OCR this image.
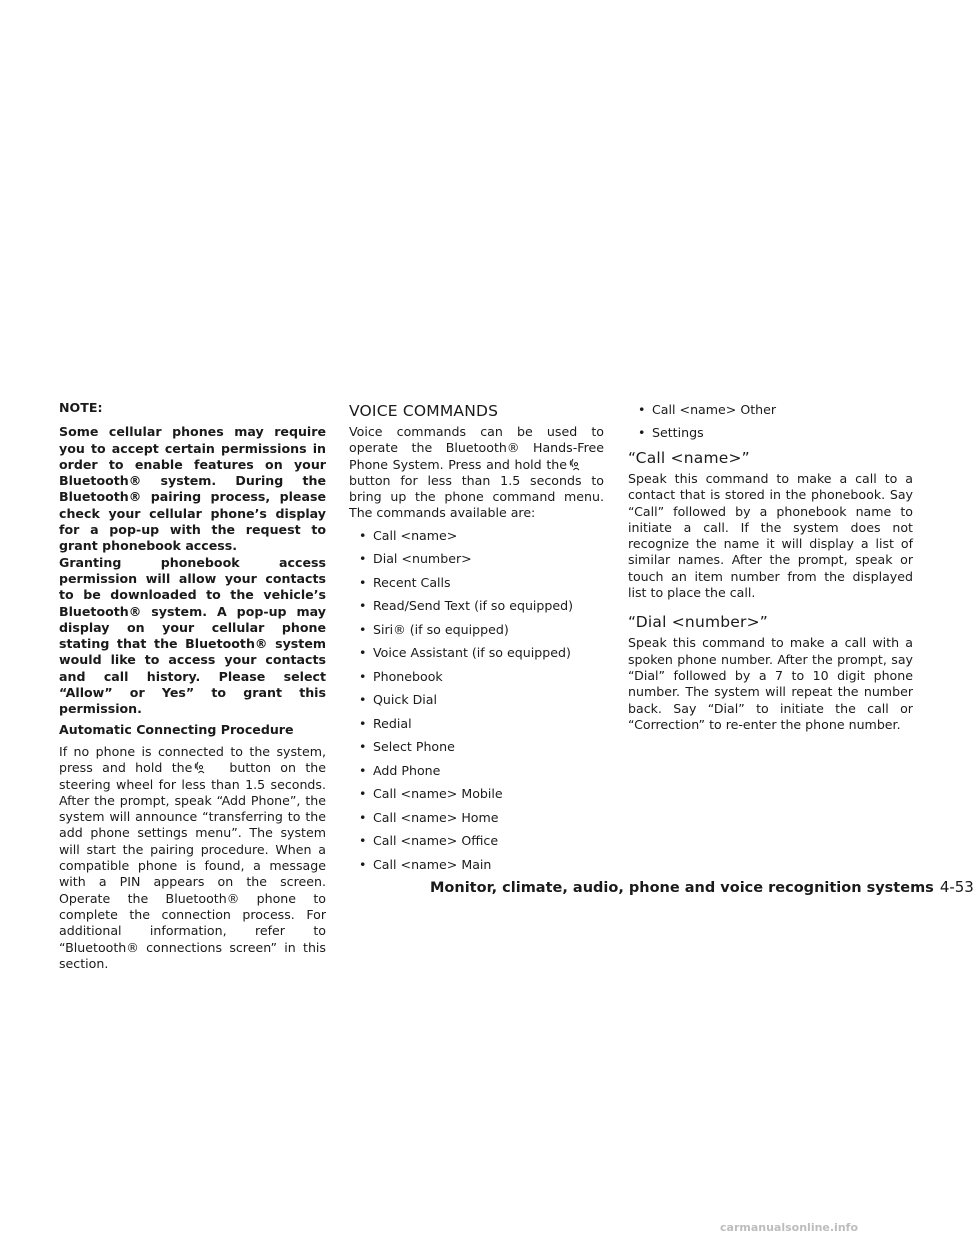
NOTE:

Some cellular phones may require you to accept certain permissions in order to enable features on your Bluetooth® system. During the Bluetooth® pairing process, please check your cellular phone’s display for a pop-up with the request to grant phonebook access.

Granting phonebook access permission will allow your contacts to be downloaded to the vehicle’s Bluetooth® system. A pop-up may display on your cellular phone stating that the Bluetooth® system would like to access your contacts and call history. Please select “Allow” or Yes” to grant this permission.

Automatic Connecting Procedure

If no phone is connected to the system, press and hold the	button on the steering wheel for less than 1.5 seconds. After the prompt, speak “Add Phone”, the system will announce “transferring to the add phone settings menu”. The system will start the pairing procedure. When a compatible phone is found, a message with a PIN appears on the screen. Operate the Bluetooth® phone to complete the connection process. For additional information, refer to “Bluetooth® connections screen” in this section.

VOICE COMMANDS

Voice commands can be used to operate the Bluetooth® Hands-Free Phone System. Press and hold thebutton for less than 1.5 seconds to bring up the phone command menu. The commands available are:

• Call <name>
• Dial <number>
• Recent Calls
• Read/Send Text (if so equipped)
• Siri® (if so equipped)
• Voice Assistant (if so equipped)
• Phonebook
• Quick Dial
• Redial
• Select Phone
• Add Phone
• Call <name> Mobile
• Call <name> Home
• Call <name> Office
• Call <name> Main
• Call <name> Other
• Settings
“Call <name>”

Speak this command to make a call to a contact that is stored in the phonebook. Say “Call” followed by a phonebook name to initiate a call. If the system does not recognize the name it will display a list of similar names. After the prompt, speak or touch an item number from the displayed list to place the call.

“Dial <number>”

Speak this command to make a call with a spoken phone number. After the prompt, say “Dial” followed by a 7 to 10 digit phone number. The system will repeat the number back. Say “Dial” to initiate the call or “Correction” to re-enter the phone number.

Monitor, climate, audio, phone and voice recognition systems 4-53
carmanualsonline.info
